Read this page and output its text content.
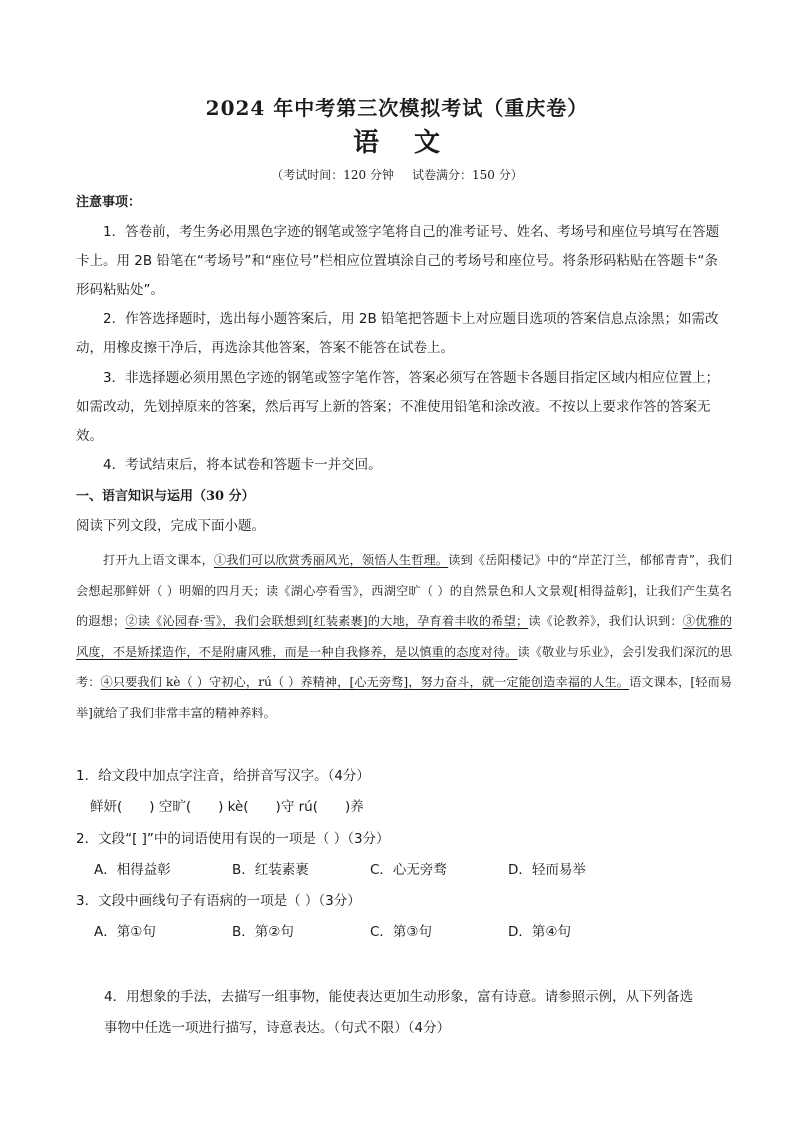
2024 年中考第三次模拟考试（重庆卷）
语 文
（考试时间：120 分钟 试卷满分：150 分）
注意事项：
1．答卷前，考生务必用黑色字迹的钢笔或签字笔将自己的准考证号、姓名、考场号和座位号填写在答题卡上。用 2B 铅笔在“考场号”和“座位号”栏相应位置填涂自己的考场号和座位号。将条形码粘贴在答题卡“条形码粘贴处”。
2．作答选择题时，选出每小题答案后，用 2B 铅笔把答题卡上对应题目选项的答案信息点涂黑；如需改动，用橡皮擦干净后，再选涂其他答案，答案不能答在试卷上。
3．非选择题必须用黑色字迹的钢笔或签字笔作答，答案必须写在答题卡各题目指定区域内相应位置上；如需改动，先划掉原来的答案，然后再写上新的答案；不准使用铅笔和涂改液。不按以上要求作答的答案无效。
4．考试结束后，将本试卷和答题卡一并交回。
一、语言知识与运用（30 分）
阅读下列文段，完成下面小题。
打开九上语文课本，①我们可以欣赏秀丽风光，领悟人生哲理。读到《岳阳楼记》中的“岸芷汀兰，郁郁青青”，我们会想起那鲜妍（ ）明媚的四月天；读《湖心亭看雪》，西湖空旷（ ）的自然景色和人文景观[相得益彰]，让我们产生莫名的遐想；②读《沁园春·雪》，我们会联想到[红装素裹]的大地，孕育着丰收的希望；读《论教养》，我们认识到：③优雅的风度，不是矫揉造作，不是附庸风雅，而是一种自我修养，是以慎重的态度对待。读《敬业与乐业》，会引发我们深沉的思考：④只要我们 kè（ ）守初心，rú（ ）养精神，[心无旁骛]，努力奋斗，就一定能创造幸福的人生。语文课本，[轻而易举]就给了我们非常丰富的精神养料。
1．给文段中加点字注音，给拼音写汉字。（4分）
鲜妍(　　) 空旷(　　) kè(　　)守 rú(　　)养
2．文段“[ ]”中的词语使用有误的一项是（ ）（3分）
A．相得益彰	B．红装素裹	C．心无旁骛	D．轻而易举
3．文段中画线句子有语病的一项是（ ）（3分）
A．第①句	B．第②句	C．第③句	D．第④句
4．用想象的手法，去描写一组事物，能使表达更加生动形象，富有诗意。请参照示例，从下列备选
事物中任选一项进行描写，诗意表达。（句式不限）（4分）
